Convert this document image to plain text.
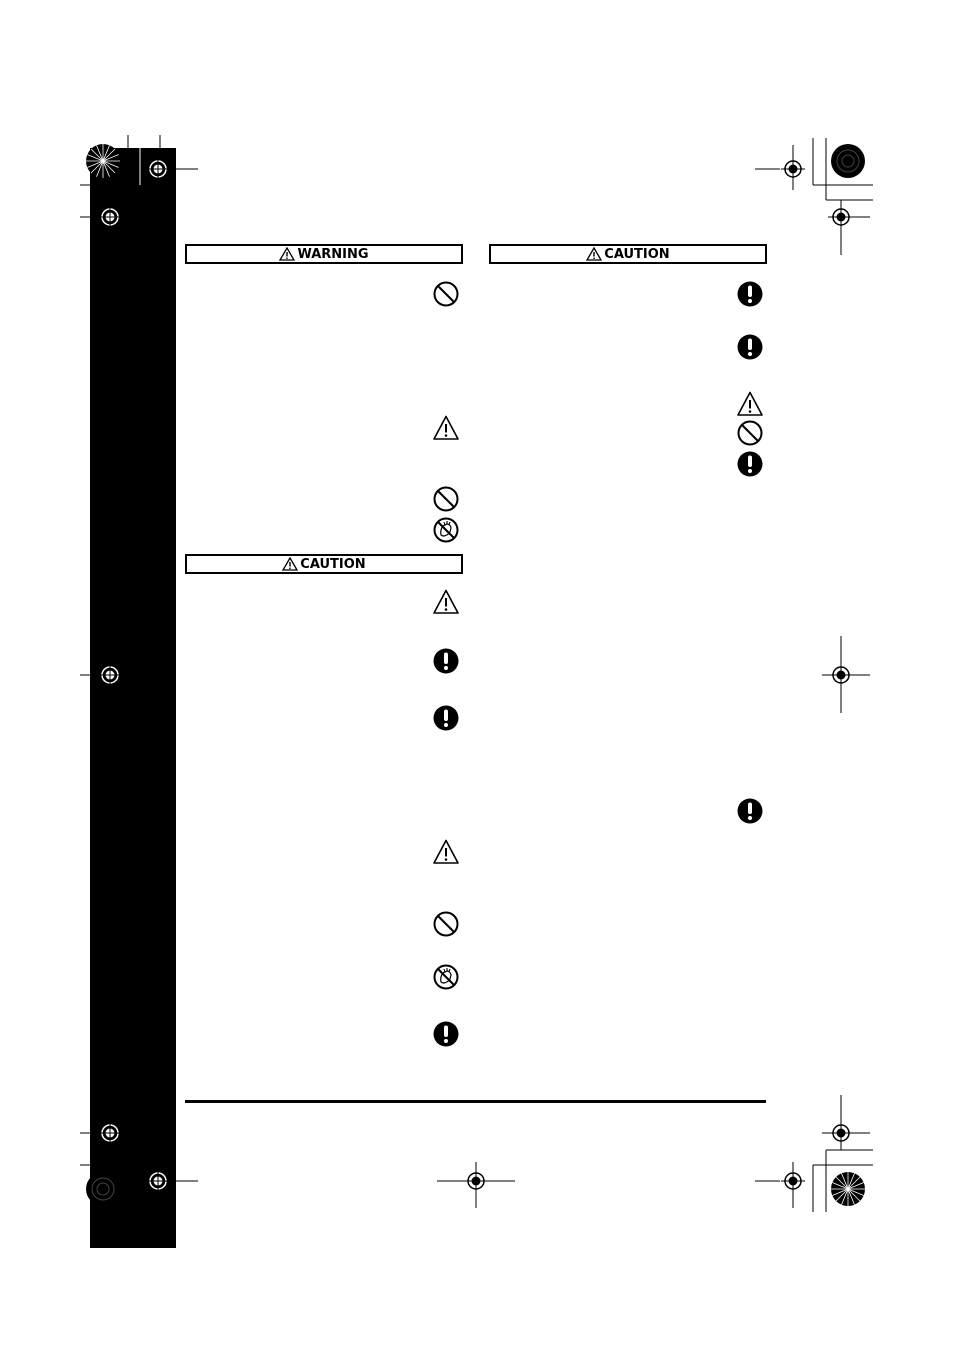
WARNING	CAUTION
CAUTION
